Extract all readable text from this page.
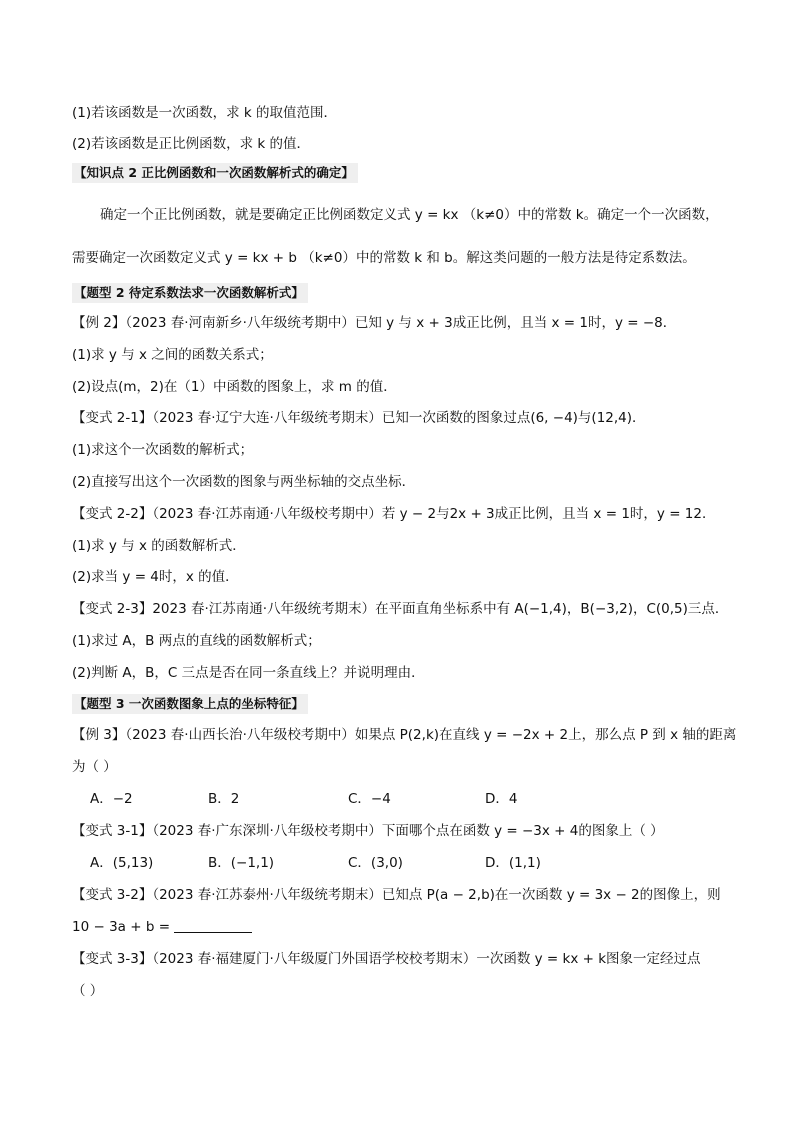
(1)若该函数是一次函数，求 k 的取值范围．
(2)若该函数是正比例函数，求 k 的值．
【知识点 2 正比例函数和一次函数解析式的确定】
确定一个正比例函数，就是要确定正比例函数定义式 y = kx （k≠0）中的常数 k。确定一个一次函数，
需要确定一次函数定义式 y = kx + b （k≠0）中的常数 k 和 b。解这类问题的一般方法是待定系数法。
【题型 2 待定系数法求一次函数解析式】
【例 2】（2023 春·河南新乡·八年级统考期中）已知 y 与 x + 3成正比例，且当 x = 1时，y = −8．
(1)求 y 与 x 之间的函数关系式；
(2)设点(m，2)在（1）中函数的图象上，求 m 的值．
【变式 2-1】（2023 春·辽宁大连·八年级统考期末）已知一次函数的图象过点(6, −4)与(12,4)．
(1)求这个一次函数的解析式；
(2)直接写出这个一次函数的图象与两坐标轴的交点坐标．
【变式 2-2】（2023 春·江苏南通·八年级校考期中）若 y − 2与2x + 3成正比例，且当 x = 1时，y = 12．
(1)求 y 与 x 的函数解析式．
(2)求当 y = 4时，x 的值．
【变式 2-3】2023 春·江苏南通·八年级统考期末）在平面直角坐标系中有 A(−1,4)，B(−3,2)，C(0,5)三点．
(1)求过 A，B 两点的直线的函数解析式；
(2)判断 A，B，C 三点是否在同一条直线上？并说明理由．
【题型 3 一次函数图象上点的坐标特征】
【例 3】（2023 春·山西长治·八年级校考期中）如果点 P(2,k)在直线 y = −2x + 2上，那么点 P 到 x 轴的距离
为（ ）
A．−2	B．2	C．−4	D．4
【变式 3-1】（2023 春·广东深圳·八年级校考期中）下面哪个点在函数 y = −3x + 4的图象上（ ）
A．(5,13)	B．(−1,1)	C．(3,0)	D．(1,1)
【变式 3-2】（2023 春·江苏泰州·八年级统考期末）已知点 P(a − 2,b)在一次函数 y = 3x − 2的图像上，则
10 − 3a + b =
【变式 3-3】（2023 春·福建厦门·八年级厦门外国语学校校考期末）一次函数 y = kx + k图象一定经过点
（ ）
